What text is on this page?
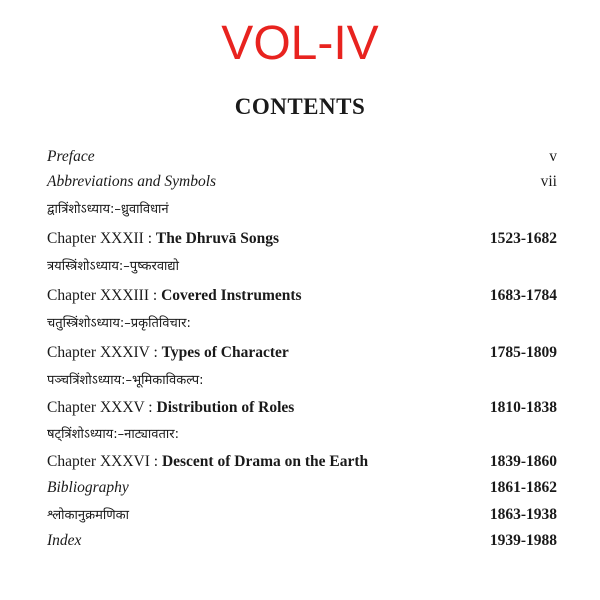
VOL-IV
CONTENTS
Preface	v
Abbreviations and Symbols	vii
द्वात्रिंशोऽध्याय:–ध्रुवाविधानं
Chapter XXXII : The Dhruvā Songs	1523-1682
त्रयस्त्रिंशोऽध्याय:–पुष्करवाद्यो
Chapter XXXIII : Covered Instruments	1683-1784
चतुस्त्रिंशोऽध्याय:–प्रकृतिविचार:
Chapter XXXIV : Types of Character	1785-1809
पञ्चत्रिंशोऽध्याय:–भूमिकाविकल्प:
Chapter XXXV : Distribution of Roles	1810-1838
षट्त्रिंशोऽध्याय:–नाट्यावतार:
Chapter XXXVI : Descent of Drama on the Earth	1839-1860
Bibliography	1861-1862
श्लोकानुक्रमणिका	1863-1938
Index	1939-1988
